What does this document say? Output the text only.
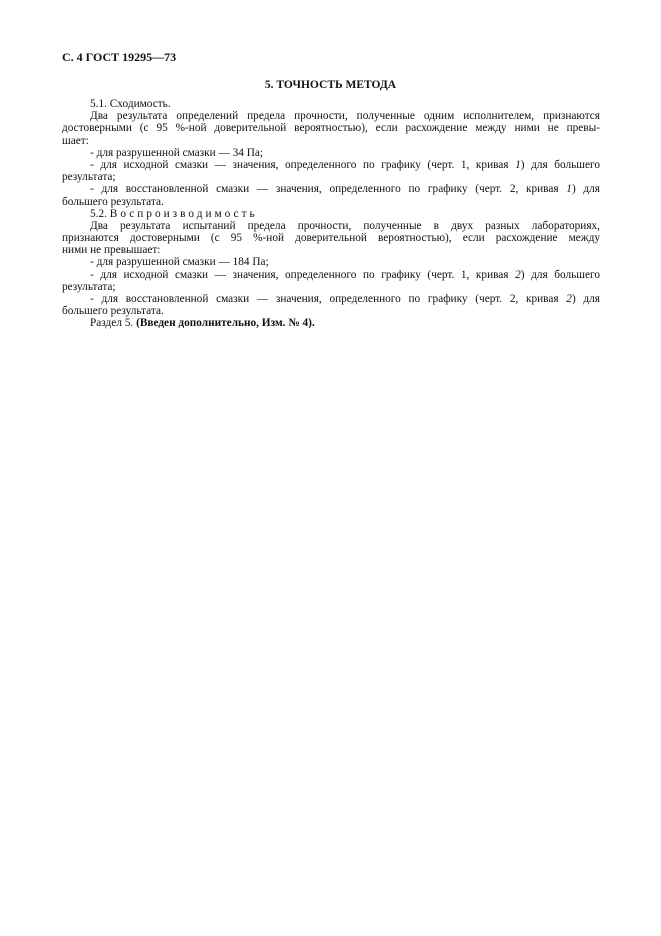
С. 4 ГОСТ 19295—73
5. ТОЧНОСТЬ МЕТОДА
5.1. Сходимость.
Два результата определений предела прочности, полученные одним исполнителем, признаются
достоверными (с 95 %-ной доверительной вероятностью), если расхождение между ними не превы-
шает:
- для разрушенной смазки — 34 Па;
- для исходной смазки — значения, определенного по графику (черт. 1, кривая 1) для большего
результата;
- для восстановленной смазки — значения, определенного по графику (черт. 2, кривая 1) для
большего результата.
5.2. Воспроизводимость
Два результата испытаний предела прочности, полученные в двух разных лабораториях,
признаются достоверными (с 95 %-ной доверительной вероятностью), если расхождение между
ними не превышает:
- для разрушенной смазки — 184 Па;
- для исходной смазки — значения, определенного по графику (черт. 1, кривая 2) для большего
результата;
- для восстановленной смазки — значения, определенного по графику (черт. 2, кривая 2) для
большего результата.
Раздел 5. (Введен дополнительно, Изм. № 4).
